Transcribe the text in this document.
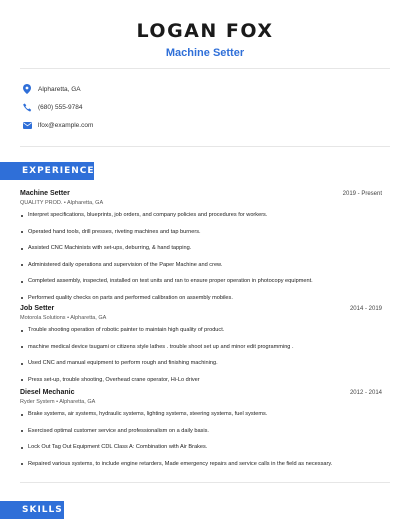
LOGAN FOX
Machine Setter
Alpharetta, GA
(680) 555-9784
lfox@example.com
EXPERIENCE
Machine Setter	2019 - Present
QUALITY PROD. • Alpharetta, GA
Interpret specifications, blueprints, job orders, and company policies and procedures for workers.
Operated hand tools, drill presses, riveting machines and tap burners.
Assisted CNC Machinists with set-ups, deburring, & hand tapping.
Administered daily operations and supervision of the Paper Machine and crew.
Completed assembly, inspected, installed on test units and ran to ensure proper operation in photocopy equipment.
Performed quality checks on parts and performed calibration on assembly mobiles.
Job Setter	2014 - 2019
Motorola Solutions • Alpharetta, GA
Trouble shooting operation of robotic painter to maintain high quality of product.
machine medical device tsugami or citizens style lathes . trouble shoot set up and minor edit programming .
Used CNC and manual equipment to perform rough and finishing machining.
Press set-up, trouble shooting, Overhead crane operator, Hi-Lo driver
Diesel Mechanic	2012 - 2014
Ryder System • Alpharetta, GA
Brake systems, air systems, hydraulic systems, lighting systems, steering systems, fuel systems.
Exercised optimal customer service and professionalism on a daily basis.
Lock Out Tag Out Equipment CDL Class A: Combination with Air Brakes.
Repaired various systems, to include engine retarders, Made emergency repairs and service calls in the field as necessary.
SKILLS
